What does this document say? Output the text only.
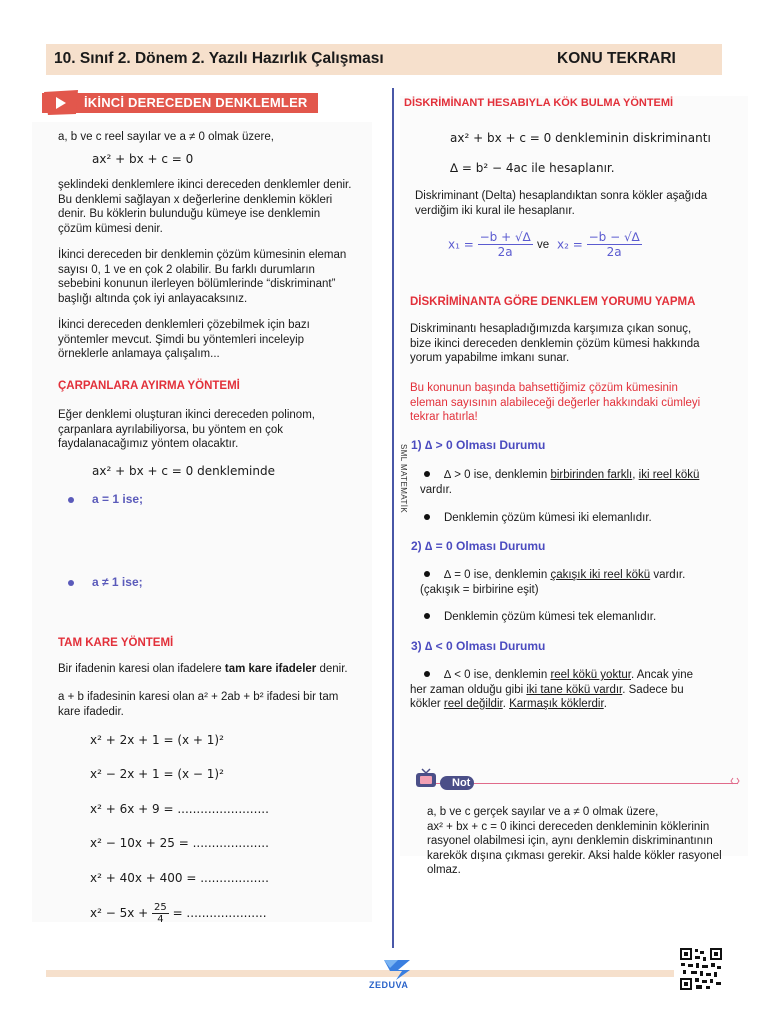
10. Sınıf 2. Dönem 2. Yazılı Hazırlık Çalışması	KONU TEKRARI
SML MATEMATİK
İKİNCİ DERECEDEN DENKLEMLER
a, b ve c reel sayılar ve a ≠ 0 olmak üzere,
ax² + bx + c = 0
şeklindeki denklemlere ikinci dereceden denklemler denir.
Bu denklemi sağlayan x değerlerine denklemin kökleri
denir. Bu köklerin bulunduğu kümeye ise denklemin
çözüm kümesi denir.
İkinci dereceden bir denklemin çözüm kümesinin eleman
sayısı 0, 1 ve en çok 2 olabilir. Bu farklı durumların
sebebini konunun ilerleyen bölümlerinde “diskriminant”
başlığı altında çok iyi anlayacaksınız.
İkinci dereceden denklemleri çözebilmek için bazı
yöntemler mevcut. Şimdi bu yöntemleri inceleyip
örneklerle anlamaya çalışalım...
ÇARPANLARA AYIRMA YÖNTEMİ
Eğer denklemi oluşturan ikinci dereceden polinom,
çarpanlara ayrılabiliyorsa, bu yöntem en çok
faydalanacağımız yöntem olacaktır.
ax² + bx + c = 0 denkleminde
a = 1 ise;
a ≠ 1 ise;
TAM KARE YÖNTEMİ
Bir ifadenin karesi olan ifadelere tam kare ifadeler denir.
a + b ifadesinin karesi olan a² + 2ab + b² ifadesi bir tam
kare ifadedir.
x² + 2x + 1 = (x + 1)²
x² − 2x + 1 = (x − 1)²
x² + 6x + 9 = ........................
x² − 10x + 25 = ....................
x² + 40x + 400 = ..................
$x^2 - 5x + \frac{25}{4}$ = .....................
DİSKRİMİNANT HESABIYLA KÖK BULMA YÖNTEMİ
ax² + bx + c = 0 denkleminin diskriminantı
∆ = b² − 4ac ile hesaplanır.
Diskriminant (Delta) hesaplandıktan sonra kökler aşağıda
verdiğim iki kural ile hesaplanır.
$x_1 = \frac{-b + √\Delta}{2a}$ ve $x_2 = \frac{-b - √\Delta}{2a}$
DİSKRİMİNANTA GÖRE DENKLEM YORUMU YAPMA
Diskriminantı hesapladığımızda karşımıza çıkan sonuç,
bize ikinci dereceden denklemin çözüm kümesi hakkında
yorum yapabilme imkanı sunar.
Bu konunun başında bahsettiğimiz çözüm kümesinin
eleman sayısının alabileceği değerler hakkındaki cümleyi
tekrar hatırla!
1) ∆ > 0 Olması Durumu
∆ > 0 ise, denklemin birbirinden farklı, iki reel kökü
vardır.
Denklemin çözüm kümesi iki elemanlıdır.
2) ∆ = 0 Olması Durumu
∆ = 0 ise, denklemin çakışık iki reel kökü vardır.
(çakışık = birbirine eşit)
Denklemin çözüm kümesi tek elemanlıdır.
3) ∆ < 0 Olması Durumu
∆ < 0 ise, denklemin reel kökü yoktur. Ancak yine
her zaman olduğu gibi iki tane kökü vardır. Sadece bu
kökler reel değildir. Karmaşık köklerdir.
Not
a, b ve c gerçek sayılar ve a ≠ 0 olmak üzere,
ax² + bx + c = 0 ikinci dereceden denkleminin köklerinin
rasyonel olabilmesi için, aynı denklemin diskriminantının
karekök dışına çıkması gerekir. Aksi halde kökler rasyonel
olmaz.
ZEDUVA
